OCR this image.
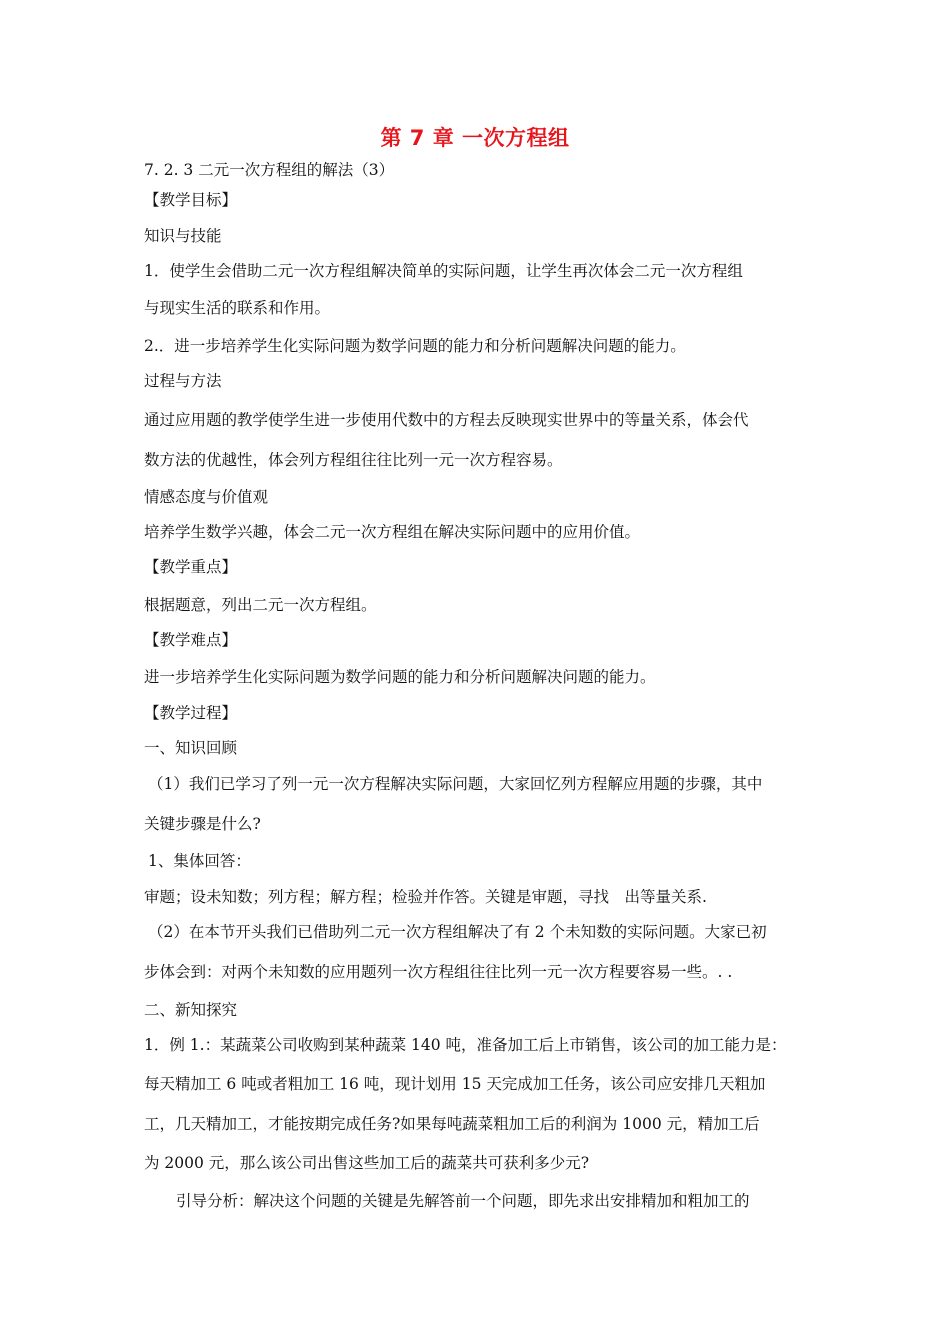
第 7 章 一次方程组
7. 2. 3 二元一次方程组的解法（3）
【教学目标】
知识与技能
1．使学生会借助二元一次方程组解决简单的实际问题，让学生再次体会二元一次方程组
与现实生活的联系和作用。
2.．进一步培养学生化实际问题为数学问题的能力和分析问题解决问题的能力。
过程与方法
通过应用题的教学使学生进一步使用代数中的方程去反映现实世界中的等量关系，体会代
数方法的优越性，体会列方程组往往比列一元一次方程容易。
情感态度与价值观
培养学生数学兴趣，体会二元一次方程组在解决实际问题中的应用价值。
【教学重点】
根据题意，列出二元一次方程组。
【教学难点】
进一步培养学生化实际问题为数学问题的能力和分析问题解决问题的能力。
【教学过程】
一、知识回顾
（1）我们已学习了列一元一次方程解决实际问题，大家回忆列方程解应用题的步骤，其中
关键步骤是什么?
1、集体回答：
审题；设未知数；列方程；解方程；检验并作答。关键是审题，寻找　出等量关系.
（2）在本节开头我们已借助列二元一次方程组解决了有 2 个未知数的实际问题。大家已初
步体会到：对两个未知数的应用题列一次方程组往往比列一元一次方程要容易一些。. .
二、新知探究
1．例 1.：某蔬菜公司收购到某种蔬菜 140 吨，准备加工后上市销售，该公司的加工能力是：
每天精加工 6 吨或者粗加工 16 吨，现计划用 15 天完成加工任务，该公司应安排几天粗加
工，几天精加工，才能按期完成任务?如果每吨蔬菜粗加工后的利润为 1000 元，精加工后
为 2000 元，那么该公司出售这些加工后的蔬菜共可获利多少元?
引导分析：解决这个问题的关键是先解答前一个问题，即先求出安排精加和粗加工的
